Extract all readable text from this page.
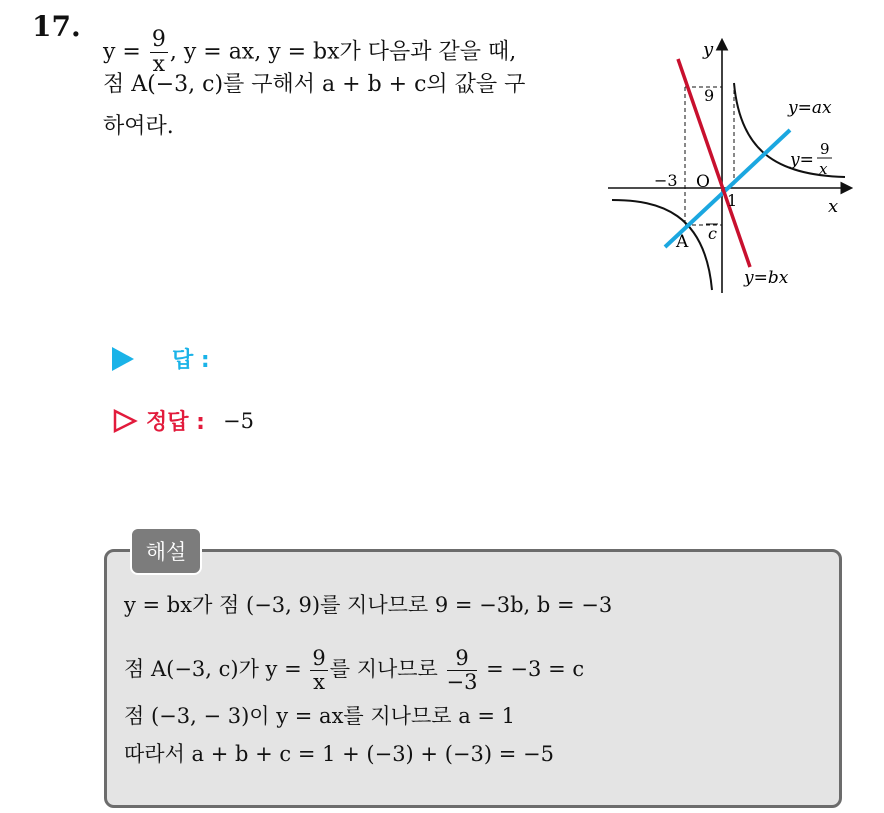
17.
$y = \frac{9}{x}$ , y = ax, y = bx가 다음과 같을 때,
점 A(−3, c)를 구해서 a + b + c의 값을 구
하여라.
y
x
O
9
−3
1
A c
y=ax
y=bx
y=
9
x
답 :
정답 : −5
해설
y = bx가 점 (−3, 9)를 지나므로 9 = −3b, b = −3
점 A(−3, c)가 $y = \frac{9}{x}$ 를 지나므로 $\frac{9}{-3} = -3 = c$
점 (−3, − 3)이 y = ax를 지나므로 a = 1
따라서 a + b + c = 1 + (−3) + (−3) = −5
